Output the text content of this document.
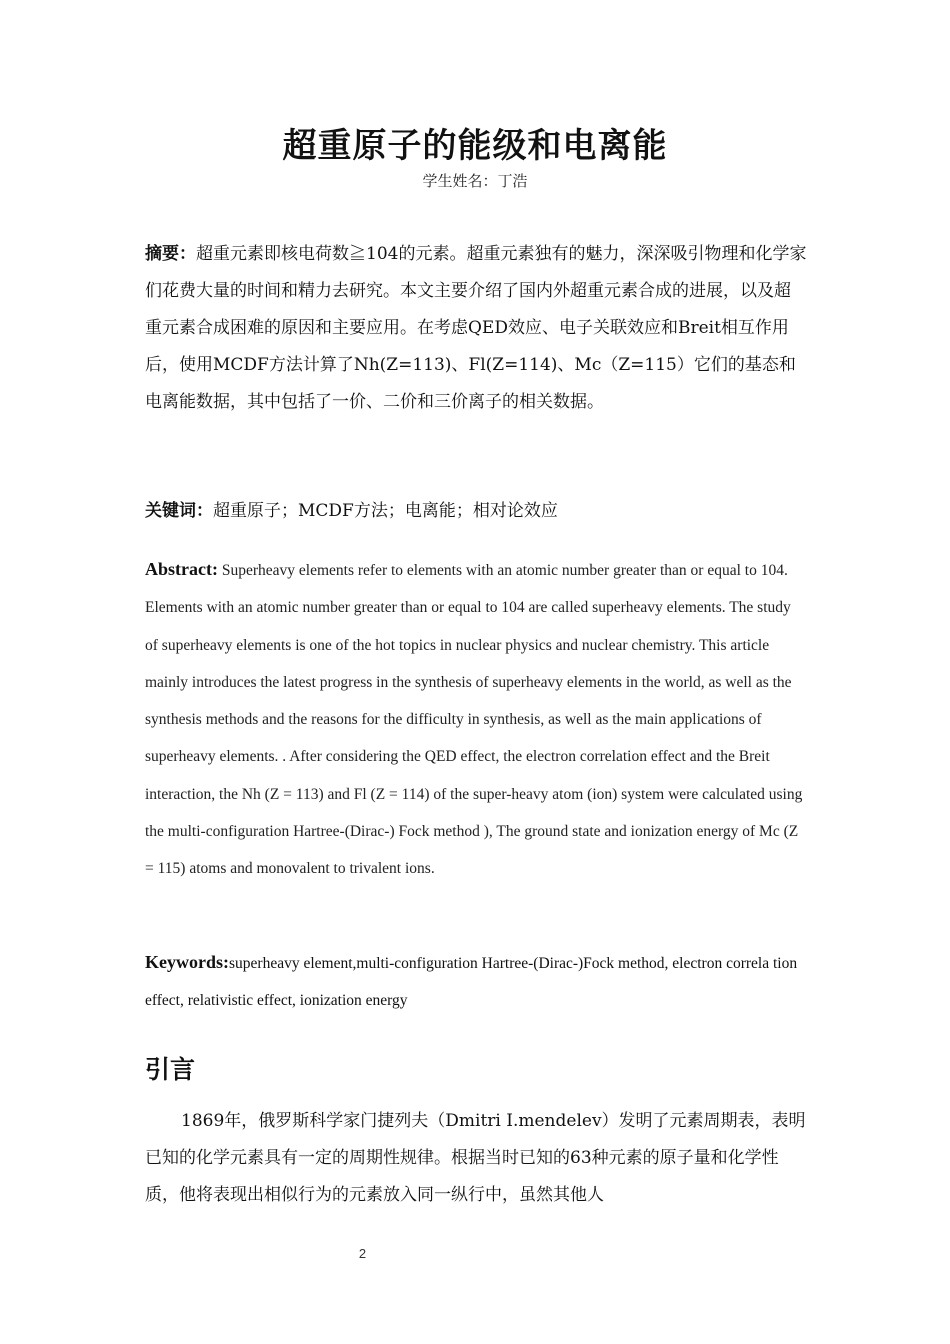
超重原子的能级和电离能
学生姓名：丁浩
摘要：超重元素即核电荷数≧104的元素。超重元素独有的魅力，深深吸引物理和化学家们花费大量的时间和精力去研究。本文主要介绍了国内外超重元素合成的进展，以及超重元素合成困难的原因和主要应用。在考虑QED效应、电子关联效应和Breit相互作用后，使用MCDF方法计算了Nh(Z=113)、Fl(Z=114)、Mc（Z=115）它们的基态和电离能数据，其中包括了一价、二价和三价离子的相关数据。
关键词：超重原子；MCDF方法；电离能；相对论效应
Abstract: Superheavy elements refer to elements with an atomic number greater than or equal to 104. Elements with an atomic number greater than or equal to 104 are called superheavy elements. The study of superheavy elements is one of the hot topics in nuclear physics and nuclear chemistry. This article mainly introduces the latest progress in the synthesis of superheavy elements in the world, as well as the synthesis methods and the reasons for the difficulty in synthesis, as well as the main applications of superheavy elements. . After considering the QED effect, the electron correlation effect and the Breit interaction, the Nh (Z = 113) and Fl (Z = 114) of the super-heavy atom (ion) system were calculated using the multi-configuration Hartree-(Dirac-) Fock method ), The ground state and ionization energy of Mc (Z = 115) atoms and monovalent to trivalent ions.
Keywords:superheavy element,multi-configuration Hartree-(Dirac-)Fock method, electron correla tion effect, relativistic effect, ionization energy
引言
1869年，俄罗斯科学家门捷列夫（Dmitri I.mendelev）发明了元素周期表，表明已知的化学元素具有一定的周期性规律。根据当时已知的63种元素的原子量和化学性质，他将表现出相似行为的元素放入同一纵行中，虽然其他人
2
